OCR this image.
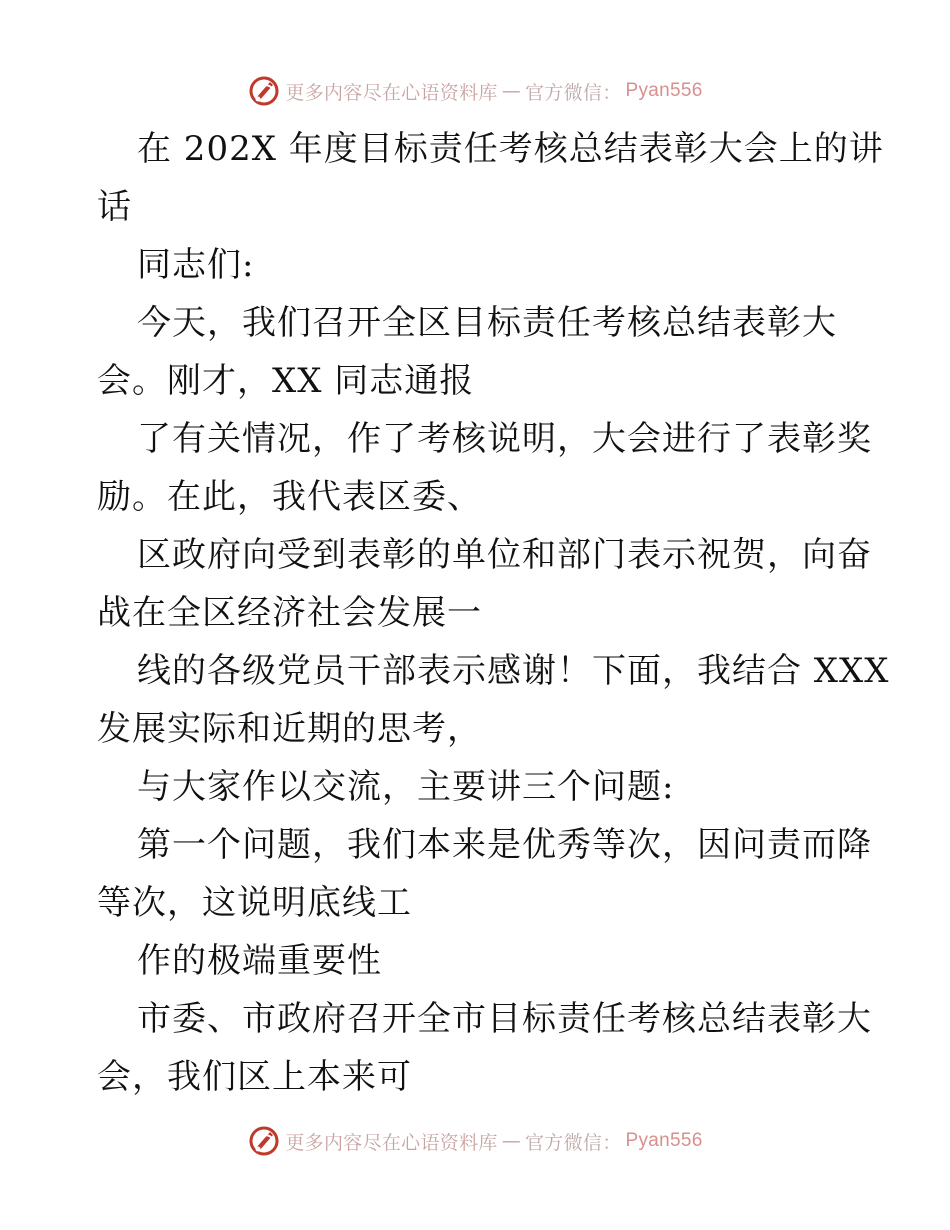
更多内容尽在心语资料库 — 官方微信： Pyan556
在 202X 年度目标责任考核总结表彰大会上的讲
话
同志们:
今天，我们召开全区目标责任考核总结表彰大
会。刚才，XX 同志通报
了有关情况，作了考核说明，大会进行了表彰奖
励。在此，我代表区委、
区政府向受到表彰的单位和部门表示祝贺，向奋
战在全区经济社会发展一
线的各级党员干部表示感谢！下面，我结合 XXX
发展实际和近期的思考，
与大家作以交流，主要讲三个问题:
第一个问题，我们本来是优秀等次，因问责而降
等次，这说明底线工
作的极端重要性
市委、市政府召开全市目标责任考核总结表彰大
会，我们区上本来可
更多内容尽在心语资料库 — 官方微信： Pyan556
